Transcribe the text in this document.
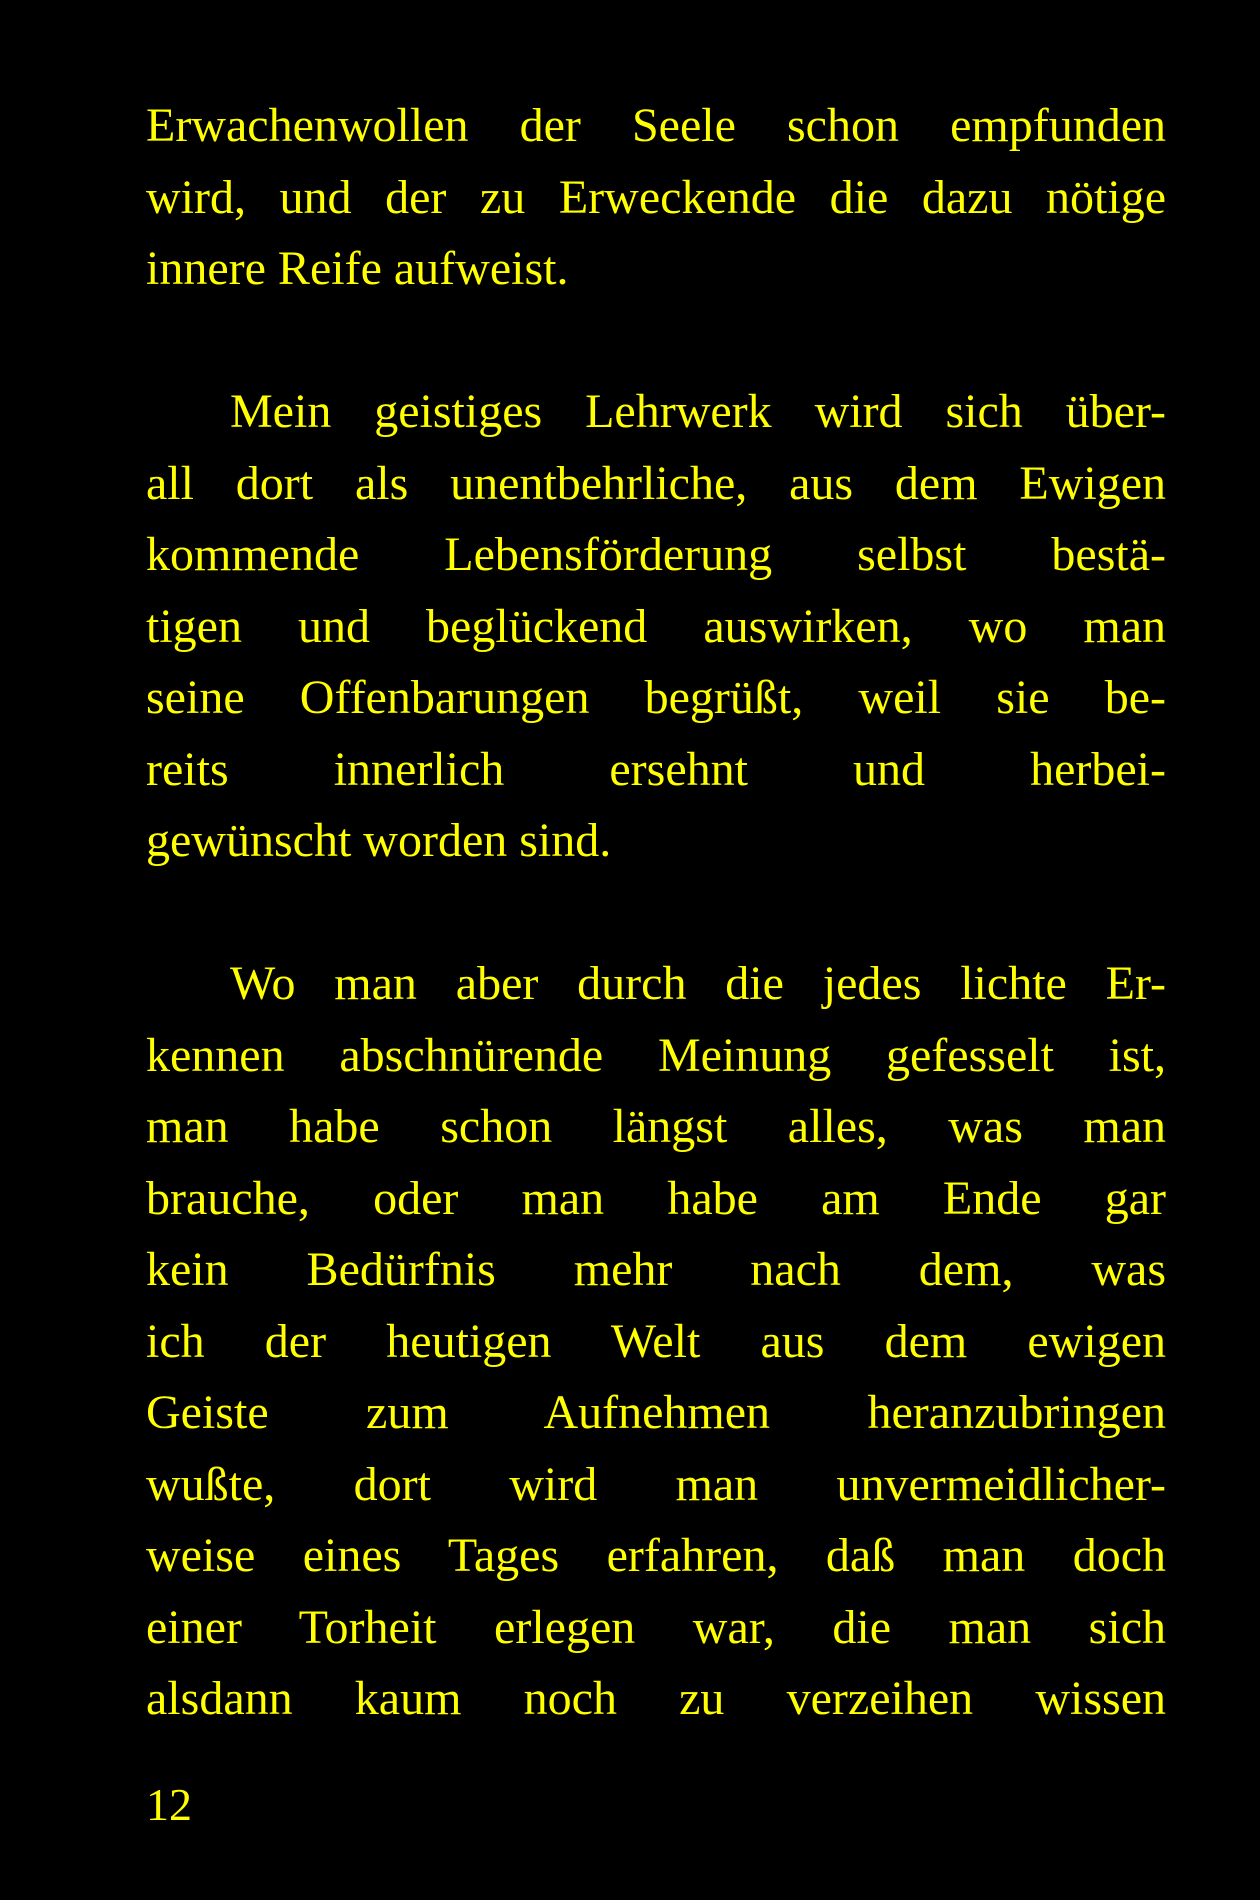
Erwachenwollen der Seele schon empfunden
wird, und der zu Erweckende die dazu nötige
innere Reife aufweist.
Mein geistiges Lehrwerk wird sich über-
all dort als unentbehrliche, aus dem Ewigen
kommende Lebensförderung selbst bestä-
tigen und beglückend auswirken, wo man
seine Offenbarungen begrüßt, weil sie be-
reits innerlich ersehnt und herbei-
gewünscht worden sind.
Wo man aber durch die jedes lichte Er-
kennen abschnürende Meinung gefesselt ist,
man habe schon längst alles, was man
brauche, oder man habe am Ende gar
kein Bedürfnis mehr nach dem, was
ich der heutigen Welt aus dem ewigen
Geiste zum Aufnehmen heranzubringen
wußte, dort wird man unvermeidlicher-
weise eines Tages erfahren, daß man doch
einer Torheit erlegen war, die man sich
alsdann kaum noch zu verzeihen wissen
12
